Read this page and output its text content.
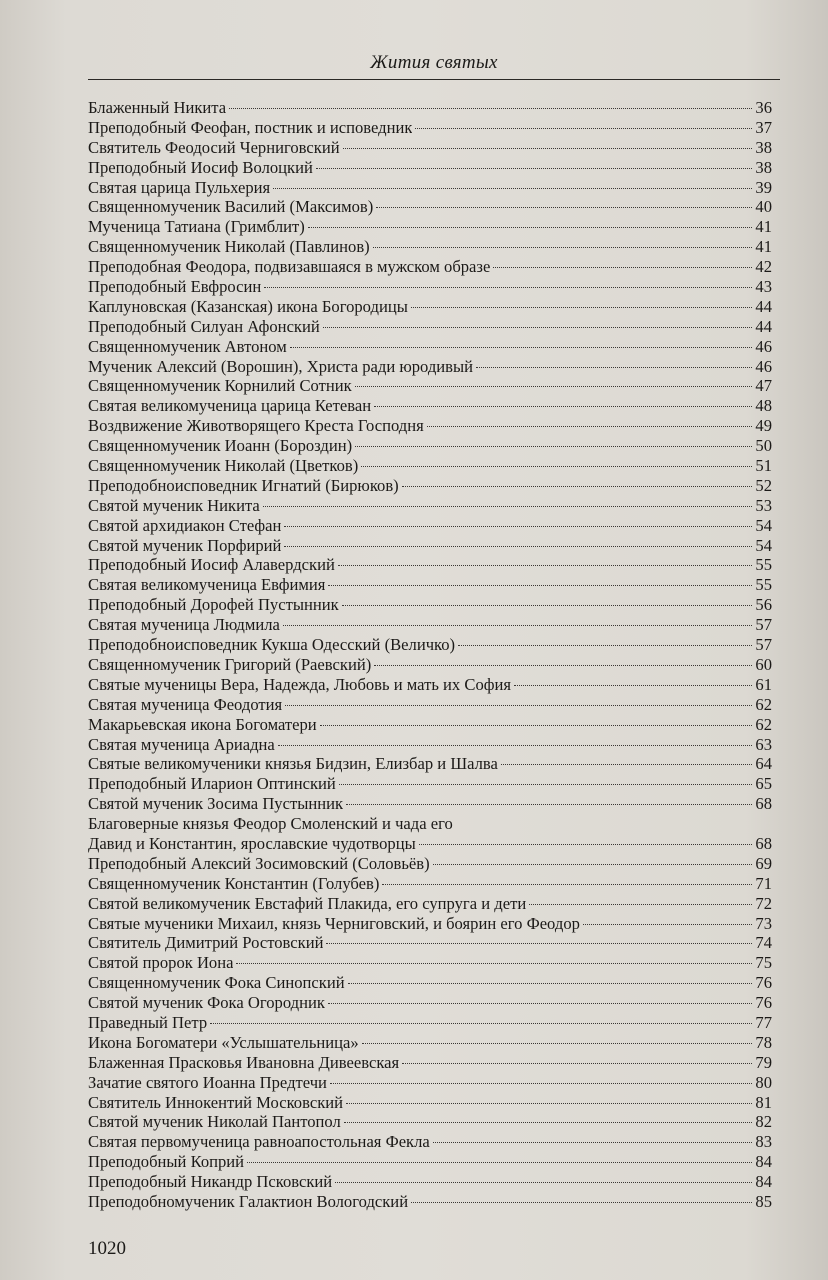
Жития святых
Блаженный Никита	36
Преподобный Феофан, постник и исповедник	37
Святитель Феодосий Черниговский	38
Преподобный Иосиф Волоцкий	38
Святая царица Пульхерия	39
Священномученик Василий (Максимов)	40
Мученица Татиана (Гримблит)	41
Священномученик Николай (Павлинов)	41
Преподобная Феодора, подвизавшаяся в мужском образе	42
Преподобный Евфросин	43
Каплуновская (Казанская) икона Богородицы	44
Преподобный Силуан Афонский	44
Священномученик Автоном	46
Мученик Алексий (Ворошин), Христа ради юродивый	46
Священномученик Корнилий Сотник	47
Святая великомученица царица Кетеван	48
Воздвижение Животворящего Креста Господня	49
Священномученик Иоанн (Бороздин)	50
Священномученик Николай (Цветков)	51
Преподобноисповедник Игнатий (Бирюков)	52
Святой мученик Никита	53
Святой архидиакон Стефан	54
Святой мученик Порфирий	54
Преподобный Иосиф Алавердский	55
Святая великомученица Евфимия	55
Преподобный Дорофей Пустынник	56
Святая мученица Людмила	57
Преподобноисповедник Кукша Одесский (Величко)	57
Священномученик Григорий (Раевский)	60
Святые мученицы Вера, Надежда, Любовь и мать их София	61
Святая мученица Феодотия	62
Макарьевская икона Богоматери	62
Святая мученица Ариадна	63
Святые великомученики князья Бидзин, Елизбар и Шалва	64
Преподобный Иларион Оптинский	65
Святой мученик Зосима Пустынник	68
Благоверные князья Феодор Смоленский и чада его
Давид и Константин, ярославские чудотворцы	68
Преподобный Алексий Зосимовский (Соловьёв)	69
Священномученик Константин (Голубев)	71
Святой великомученик Евстафий Плакида, его супруга и дети	72
Святые мученики Михаил, князь Черниговский, и боярин его Феодор	73
Святитель Димитрий Ростовский	74
Святой пророк Иона	75
Священномученик Фока Синопский	76
Святой мученик Фока Огородник	76
Праведный Петр	77
Икона Богоматери «Услышательница»	78
Блаженная Прасковья Ивановна Дивеевская	79
Зачатие святого Иоанна Предтечи	80
Святитель Иннокентий Московский	81
Святой мученик Николай Пантопол	82
Святая первомученица равноапостольная Фекла	83
Преподобный Коприй	84
Преподобный Никандр Псковский	84
Преподобномученик Галактион Вологодский	85
1020
